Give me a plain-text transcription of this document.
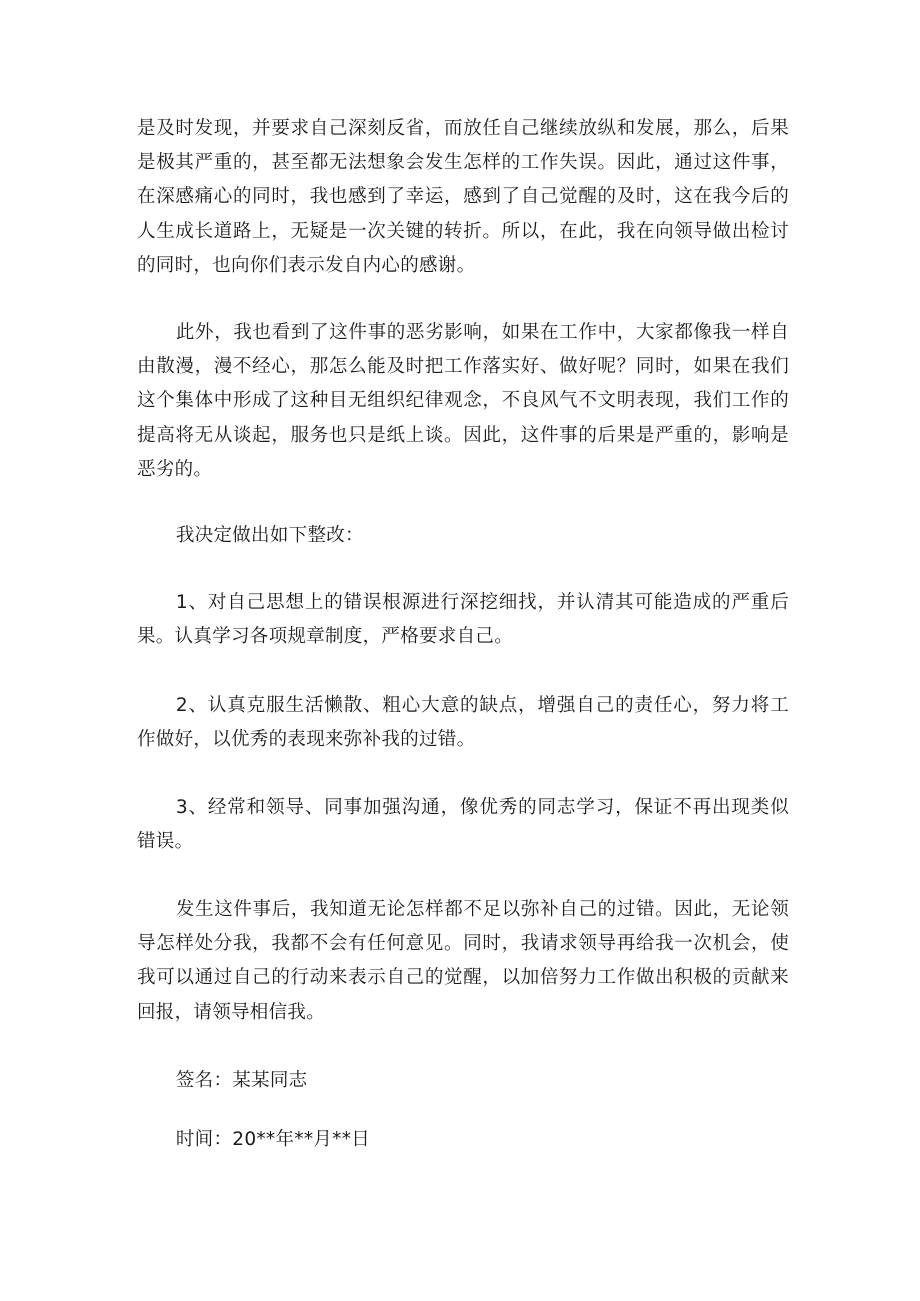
是及时发现，并要求自己深刻反省，而放任自己继续放纵和发展，那么，后果是极其严重的，甚至都无法想象会发生怎样的工作失误。因此，通过这件事，在深感痛心的同时，我也感到了幸运，感到了自己觉醒的及时，这在我今后的人生成长道路上，无疑是一次关键的转折。所以，在此，我在向领导做出检讨的同时，也向你们表示发自内心的感谢。

此外，我也看到了这件事的恶劣影响，如果在工作中，大家都像我一样自由散漫，漫不经心，那怎么能及时把工作落实好、做好呢？同时，如果在我们这个集体中形成了这种目无组织纪律观念，不良风气不文明表现，我们工作的提高将无从谈起，服务也只是纸上谈。因此，这件事的后果是严重的，影响是恶劣的。

我决定做出如下整改：

1、对自己思想上的错误根源进行深挖细找，并认清其可能造成的严重后果。认真学习各项规章制度，严格要求自己。

2、认真克服生活懒散、粗心大意的缺点，增强自己的责任心，努力将工作做好，以优秀的表现来弥补我的过错。

3、经常和领导、同事加强沟通，像优秀的同志学习，保证不再出现类似错误。

发生这件事后，我知道无论怎样都不足以弥补自己的过错。因此，无论领导怎样处分我，我都不会有任何意见。同时，我请求领导再给我一次机会，使我可以通过自己的行动来表示自己的觉醒，以加倍努力工作做出积极的贡献来回报，请领导相信我。

签名：某某同志

时间：20**年**月**日
